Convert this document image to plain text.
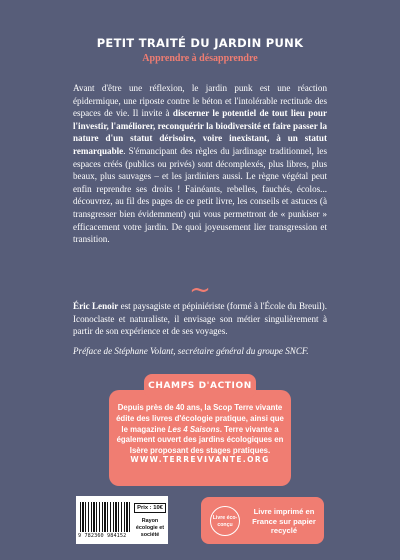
PETIT TRAITÉ DU JARDIN PUNK
Apprendre à désapprendre

Avant d'être une réflexion, le jardin punk est une réaction épidermique, une riposte contre le béton et l'intolérable rectitude des espaces de vie. Il invite à discerner le potentiel de tout lieu pour l'investir, l'améliorer, reconquérir la biodiversité et faire passer la nature d'un statut dérisoire, voire inexistant, à un statut remarquable. S'émancipant des règles du jardinage traditionnel, les espaces créés (publics ou privés) sont décomplexés, plus libres, plus beaux, plus sauvages – et les jardiniers aussi. Le règne végétal peut enfin reprendre ses droits ! Fainéants, rebelles, fauchés, écolos... découvrez, au fil des pages de ce petit livre, les conseils et astuces (à transgresser bien évidemment) qui vous permettront de « punkiser » efficacement votre jardin. De quoi joyeusement lier transgression et transition.

~
Éric Lenoir est paysagiste et pépiniériste (formé à l'École du Breuil). Iconoclaste et naturaliste, il envisage son métier singulièrement à partir de son expérience et de ses voyages.
Préface de Stéphane Volant, secrétaire général du groupe SNCF.
CHAMPS D'ACTION
Depuis près de 40 ans, la Scop Terre vivante édite des livres d'écologie pratique, ainsi que le magazine Les 4 Saisons. Terre vivante a également ouvert des jardins écologiques en Isère proposant des stages pratiques.
WWW.TERREVIVANTE.ORG
9 782360 984152
Prix : 10€
Rayon écologie et société
Livre éco-conçu
Livre imprimé en France sur papier recyclé
